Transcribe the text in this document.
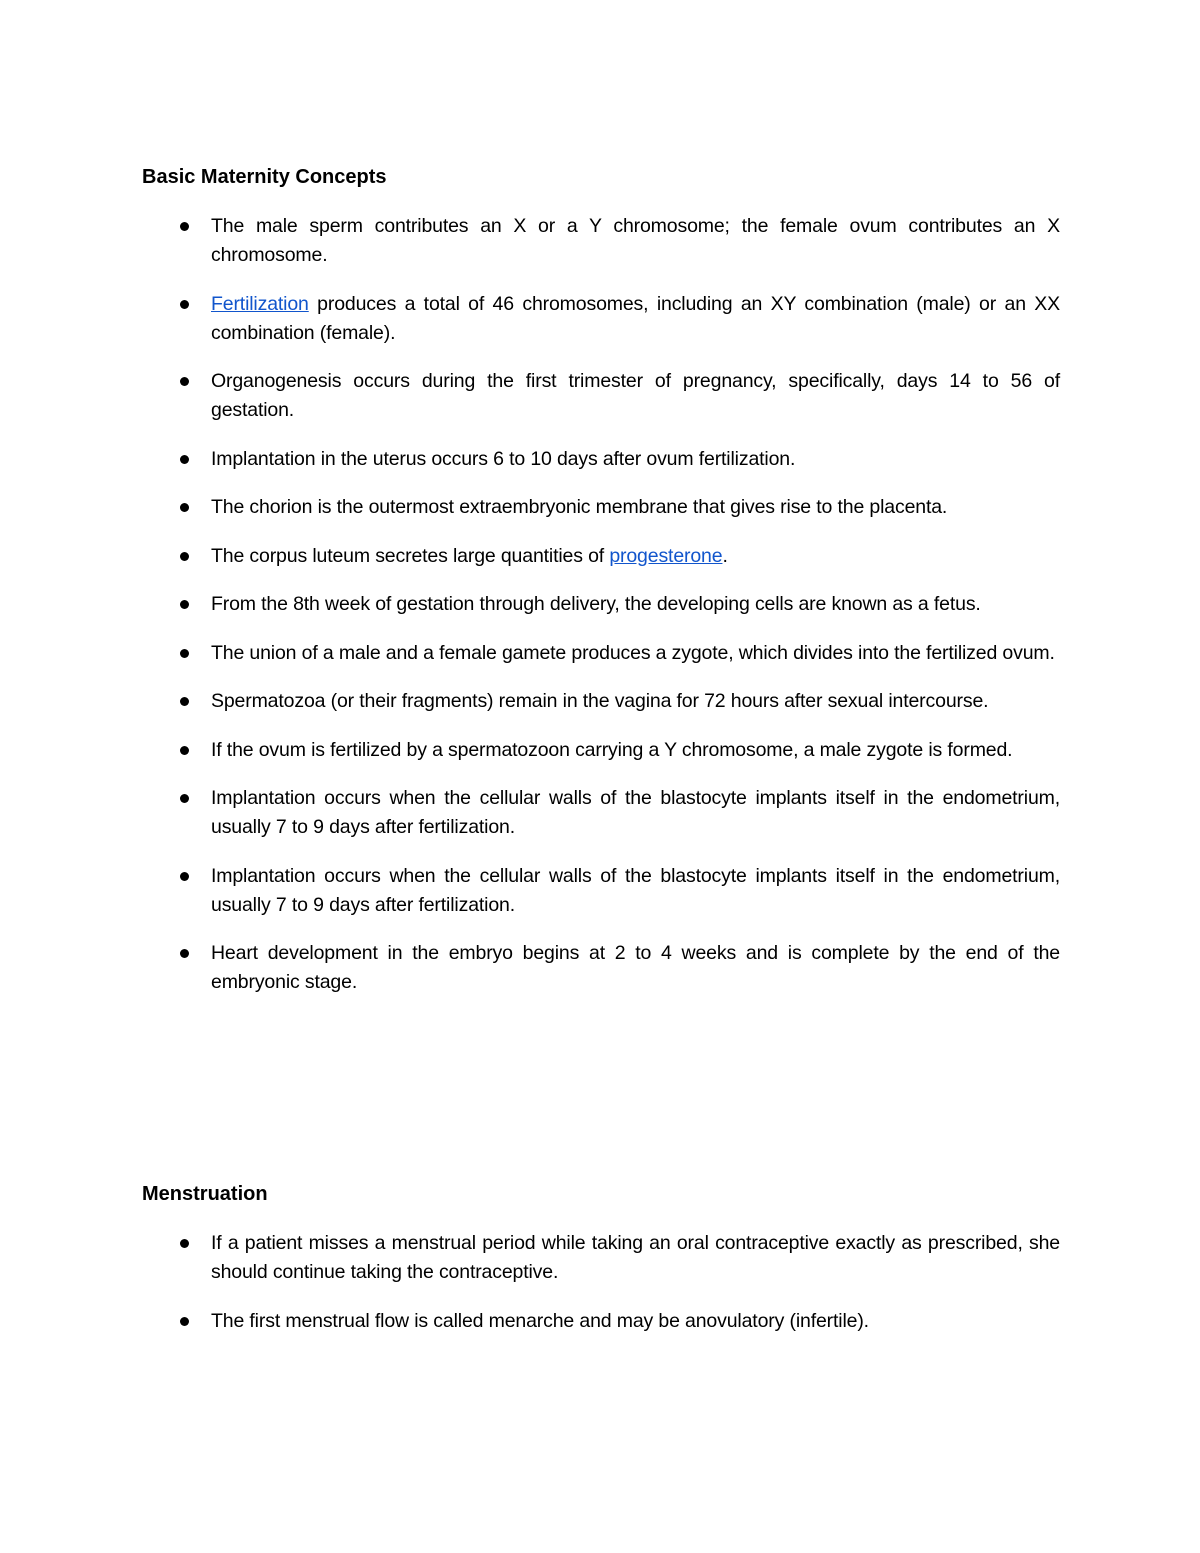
Basic Maternity Concepts
The male sperm contributes an X or a Y chromosome; the female ovum contributes an X chromosome.
Fertilization produces a total of 46 chromosomes, including an XY combination (male) or an XX combination (female).
Organogenesis occurs during the first trimester of pregnancy, specifically, days 14 to 56 of gestation.
Implantation in the uterus occurs 6 to 10 days after ovum fertilization.
The chorion is the outermost extraembryonic membrane that gives rise to the placenta.
The corpus luteum secretes large quantities of progesterone.
From the 8th week of gestation through delivery, the developing cells are known as a fetus.
The union of a male and a female gamete produces a zygote, which divides into the fertilized ovum.
Spermatozoa (or their fragments) remain in the vagina for 72 hours after sexual intercourse.
If the ovum is fertilized by a spermatozoon carrying a Y chromosome, a male zygote is formed.
Implantation occurs when the cellular walls of the blastocyte implants itself in the endometrium, usually 7 to 9 days after fertilization.
Implantation occurs when the cellular walls of the blastocyte implants itself in the endometrium, usually 7 to 9 days after fertilization.
Heart development in the embryo begins at 2 to 4 weeks and is complete by the end of the embryonic stage.
Menstruation
If a patient misses a menstrual period while taking an oral contraceptive exactly as prescribed, she should continue taking the contraceptive.
The first menstrual flow is called menarche and may be anovulatory (infertile).
